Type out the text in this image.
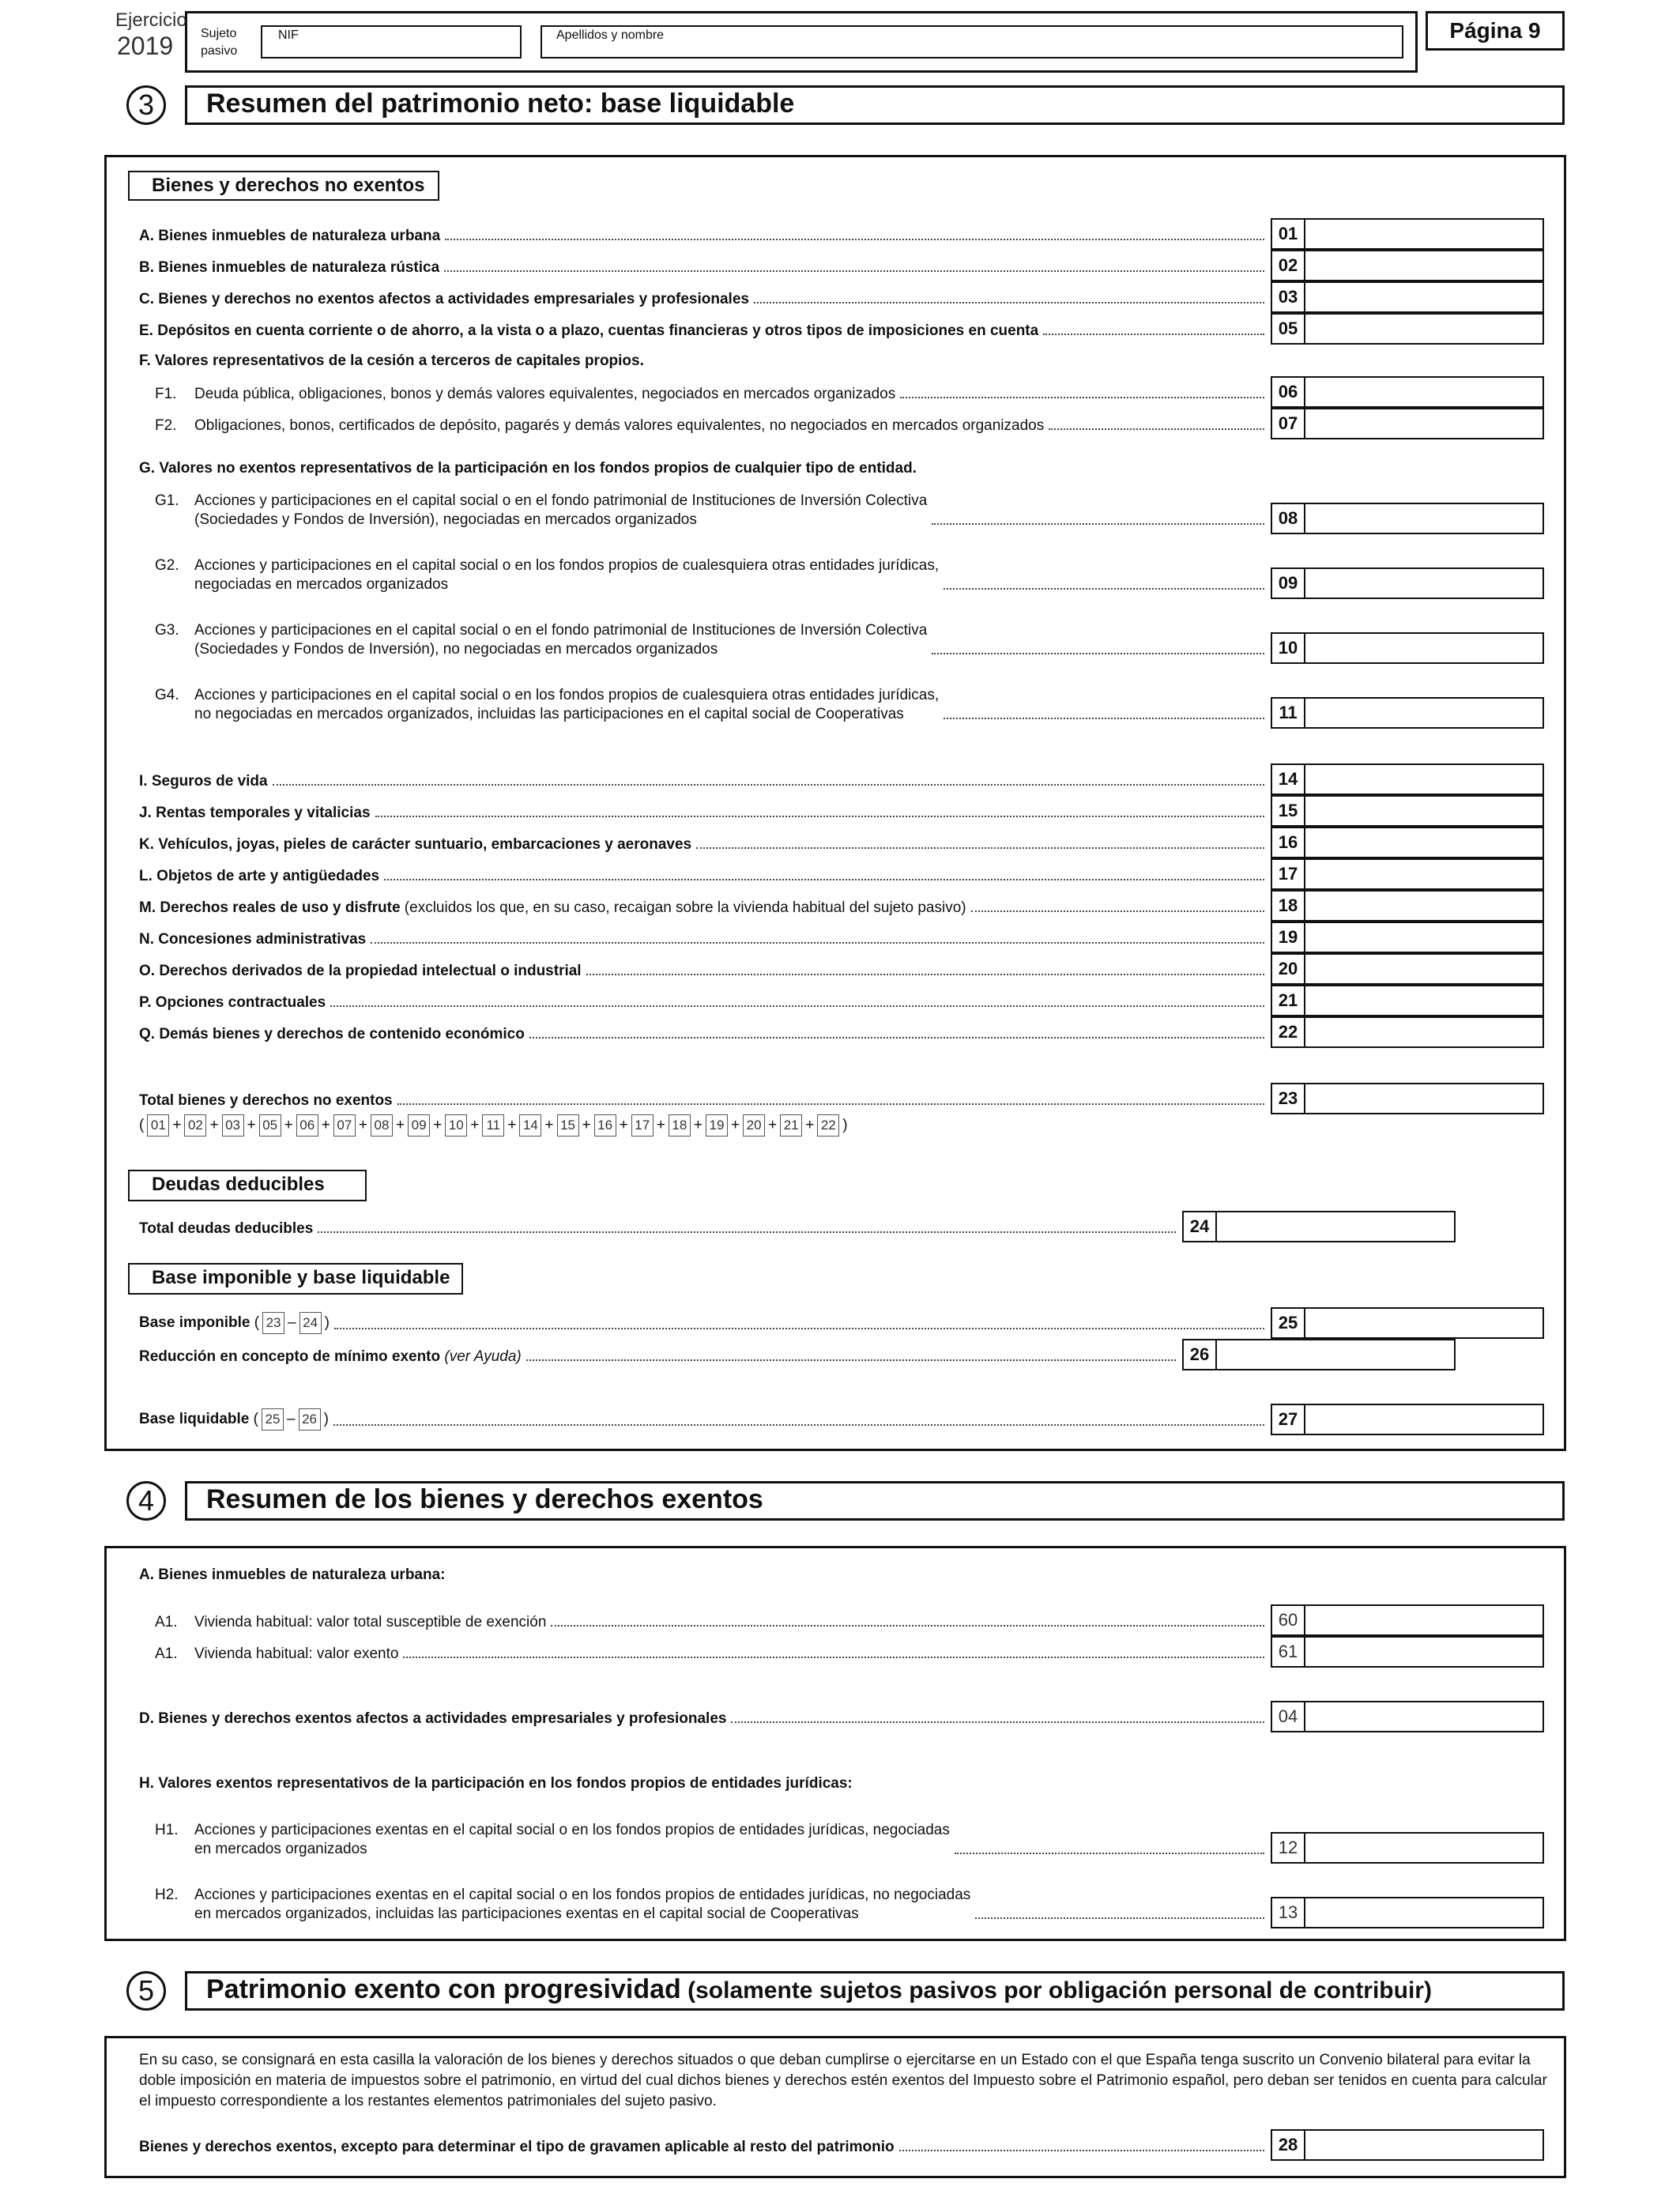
Ejercicio
2019 Sujeto
pasivo
NIF	Apellidos y nombre	Página 9
3	Resumen del patrimonio neto: base liquidable
Bienes y derechos no exentos
A. Bienes inmuebles de naturaleza urbana	01
B. Bienes inmuebles de naturaleza rústica	02
C. Bienes y derechos no exentos afectos a actividades empresariales y profesionales	03
E. Depósitos en cuenta corriente o de ahorro, a la vista o a plazo, cuentas financieras y otros tipos de imposiciones en cuenta	05
F. Valores representativos de la cesión a terceros de capitales propios.
F1. Deuda pública, obligaciones, bonos y demás valores equivalentes, negociados en mercados organizados	06
F2. Obligaciones, bonos, certificados de depósito, pagarés y demás valores equivalentes, no negociados en mercados organizados	07
G. Valores no exentos representativos de la participación en los fondos propios de cualquier tipo de entidad.
G1.	Acciones y participaciones en el capital social o en el fondo patrimonial de Instituciones de Inversión Colectiva
(Sociedades y Fondos de Inversión), negociadas en mercados organizados	08
G2.	Acciones y participaciones en el capital social o en los fondos propios de cualesquiera otras entidades jurídicas,
negociadas en mercados organizados	09
G3.	Acciones y participaciones en el capital social o en el fondo patrimonial de Instituciones de Inversión Colectiva
(Sociedades y Fondos de Inversión), no negociadas en mercados organizados	10
G4.	Acciones y participaciones en el capital social o en los fondos propios de cualesquiera otras entidades jurídicas,
no negociadas en mercados organizados, incluidas las participaciones en el capital social de Cooperativas	11
I. Seguros de vida	14
J. Rentas temporales y vitalicias	15
K. Vehículos, joyas, pieles de carácter suntuario, embarcaciones y aeronaves	16
L. Objetos de arte y antigüedades	17
M. Derechos reales de uso y disfrute (excluidos los que, en su caso, recaigan sobre la vivienda habitual del sujeto pasivo)	18
N. Concesiones administrativas	19
O. Derechos derivados de la propiedad intelectual o industrial	20
P. Opciones contractuales	21
Q. Demás bienes y derechos de contenido económico	22
Total bienes y derechos no exentos	23
( 01 + 02 + 03 + 05 + 06 + 07 + 08 + 09 + 10 + 11 + 14 + 15 + 16 + 17 + 18 + 19 + 20 + 21 + 22 )
Deudas deducibles
Total deudas deducibles	24
Base imponible y base liquidable
Base imponible ( 23 – 24 )	25
Reducción en concepto de mínimo exento (ver Ayuda)	26
Base liquidable ( 25 – 26 )	27
4	Resumen de los bienes y derechos exentos
A. Bienes inmuebles de naturaleza urbana:
A1. Vivienda habitual: valor total susceptible de exención	60
A1. Vivienda habitual: valor exento	61
D. Bienes y derechos exentos afectos a actividades empresariales y profesionales	04
H. Valores exentos representativos de la participación en los fondos propios de entidades jurídicas:
H1.	Acciones y participaciones exentas en el capital social o en los fondos propios de entidades jurídicas, negociadas
en mercados organizados	12
H2.	Acciones y participaciones exentas en el capital social o en los fondos propios de entidades jurídicas, no negociadas
en mercados organizados, incluidas las participaciones exentas en el capital social de Cooperativas	13
5	Patrimonio exento con progresividad (solamente sujetos pasivos por obligación personal de contribuir)
En su caso, se consignará en esta casilla la valoración de los bienes y derechos situados o que deban cumplirse o ejercitarse en un Estado con el que España tenga suscrito un Convenio bilateral para evitar la doble imposición en materia de impuestos sobre el patrimonio, en virtud del cual dichos bienes y derechos estén exentos del Impuesto sobre el Patrimonio español, pero deban ser tenidos en cuenta para calcular el impuesto correspondiente a los restantes elementos patrimoniales del sujeto pasivo.
Bienes y derechos exentos, excepto para determinar el tipo de gravamen aplicable al resto del patrimonio	28
